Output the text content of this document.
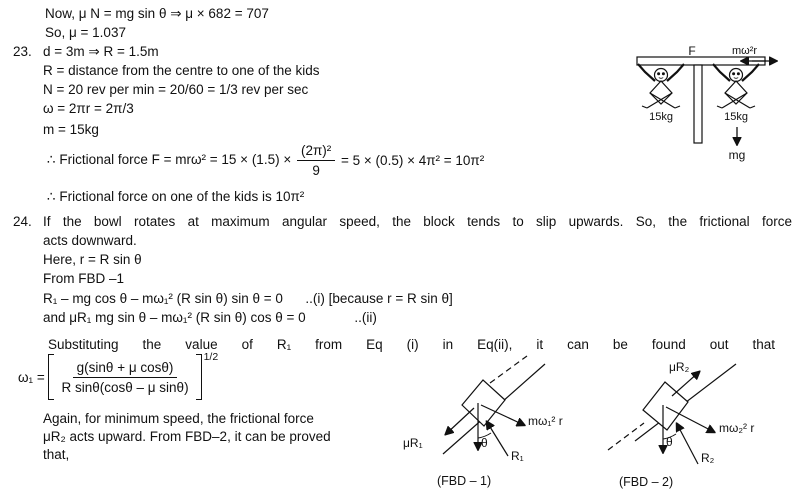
Now, μ N = mg sin θ ⇒ μ × 682 = 707
So, μ = 1.037
23. d = 3m ⇒ R = 1.5m
R = distance from the centre to one of the kids
N = 20 rev per min = 20/60 = 1/3 rev per sec
ω = 2πr = 2π/3
m = 15kg
∴ Frictional force $F = mr\omega^2 = 15 \times (1.5) \times \frac{\text{(2π)²}}{9} = 5 \times (0.5) \times 4\pi^2 = 10\pi^2$
∴ Frictional force on one of the kids is 10π²
24. If the bowl rotates at maximum angular speed, the block tends to slip upwards. So, the frictional force
acts downward.
Here, r = R sin θ
From FBD –1
R₁ – mg cos θ – mω₁² (R sin θ) sin θ = 0      ..(i) [because r = R sin θ]
and μR₁ mg sin θ – mω₁² (R sin θ) cos θ = 0             ..(ii)
Substituting the value of R₁ from Eq (i) in Eq(ii), it can be found out that
$\omega_1 = \frac{\text{g(sinθ + μ cosθ)}}{\text{R sinθ(cosθ – μ sinθ)}}$
1/2
Again, for minimum speed, the frictional force
μR₂ acts upward. From FBD–2, it can be proved
that,
F	mω²r
15kg	15kg
mg
μR₁
mω₁² r
θ
R₁
(FBD – 1)
μR₂
mω₂² r
θ
R₂
(FBD – 2)
